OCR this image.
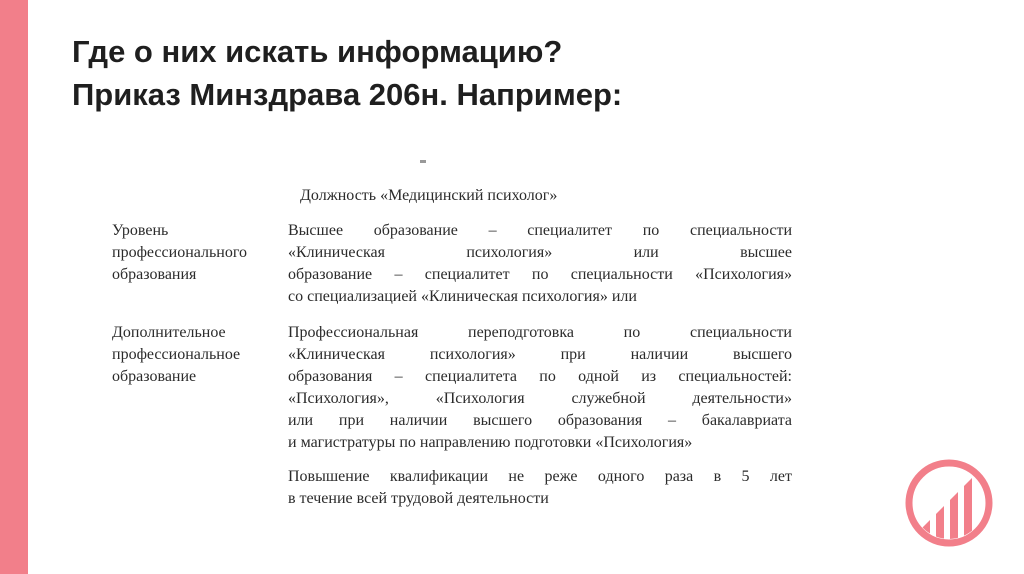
Где о них искать информацию?
Приказ Минздрава 206н. Например:
Должность «Медицинский психолог»
Уровень
профессионального
образования
Высшее образование – специалитет по специальности
«Клиническая психология» или высшее
образование – специалитет по специальности «Психология»
со специализацией «Клиническая психология» или
Дополнительное
профессиональное
образование
Профессиональная переподготовка по специальности
«Клиническая психология» при наличии высшего
образования – специалитета по одной из специальностей:
«Психология», «Психология служебной деятельности»
или при наличии высшего образования – бакалавриата
и магистратуры по направлению подготовки «Психология»
Повышение квалификации не реже одного раза в 5 лет
в течение всей трудовой деятельности
